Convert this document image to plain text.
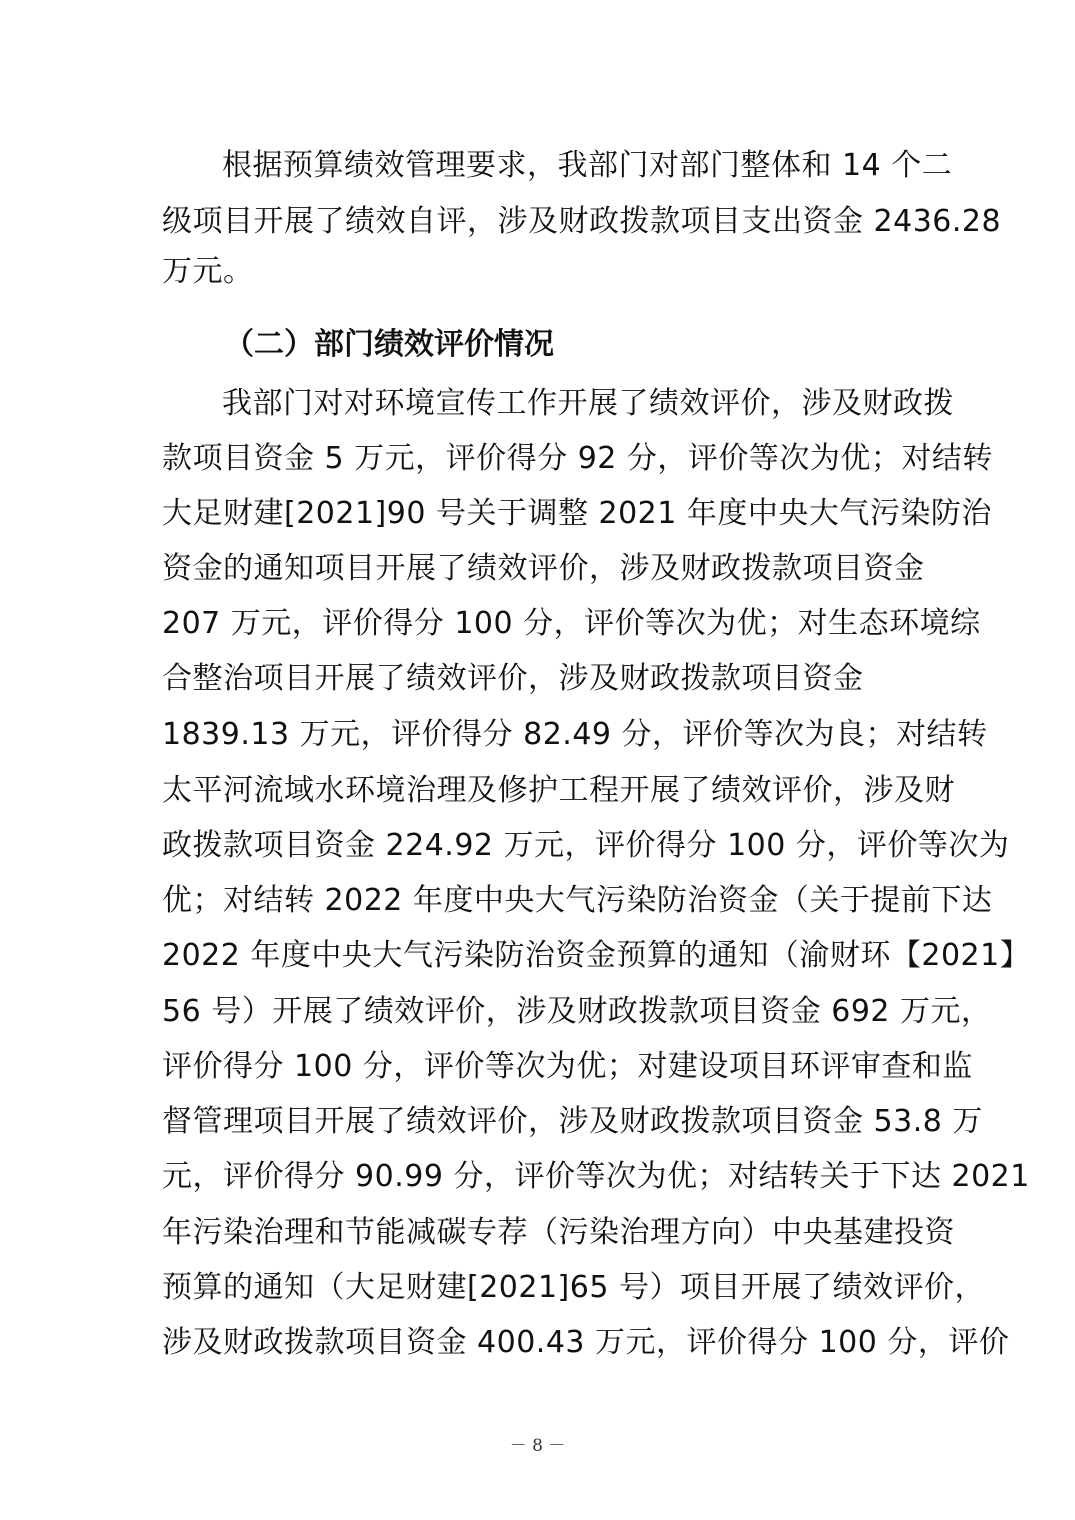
根据预算绩效管理要求，我部门对部门整体和 14 个二
级项目开展了绩效自评，涉及财政拨款项目支出资金 2436.28
万元。
（二）部门绩效评价情况
我部门对对环境宣传工作开展了绩效评价，涉及财政拨
款项目资金 5 万元，评价得分 92 分，评价等次为优；对结转
大足财建[2021]90 号关于调整 2021 年度中央大气污染防治
资金的通知项目开展了绩效评价，涉及财政拨款项目资金
207 万元，评价得分 100 分，评价等次为优；对生态环境综
合整治项目开展了绩效评价，涉及财政拨款项目资金
1839.13 万元，评价得分 82.49 分，评价等次为良；对结转
太平河流域水环境治理及修护工程开展了绩效评价，涉及财
政拨款项目资金 224.92 万元，评价得分 100 分，评价等次为
优；对结转 2022 年度中央大气污染防治资金（关于提前下达
2022 年度中央大气污染防治资金预算的通知（渝财环【2021】
56 号）开展了绩效评价，涉及财政拨款项目资金 692 万元，
评价得分 100 分，评价等次为优；对建设项目环评审查和监
督管理项目开展了绩效评价，涉及财政拨款项目资金 53.8 万
元，评价得分 90.99 分，评价等次为优；对结转关于下达 2021
年污染治理和节能减碳专荐（污染治理方向）中央基建投资
预算的通知（大足财建[2021]65 号）项目开展了绩效评价，
涉及财政拨款项目资金 400.43 万元，评价得分 100 分，评价
－ 8 －
